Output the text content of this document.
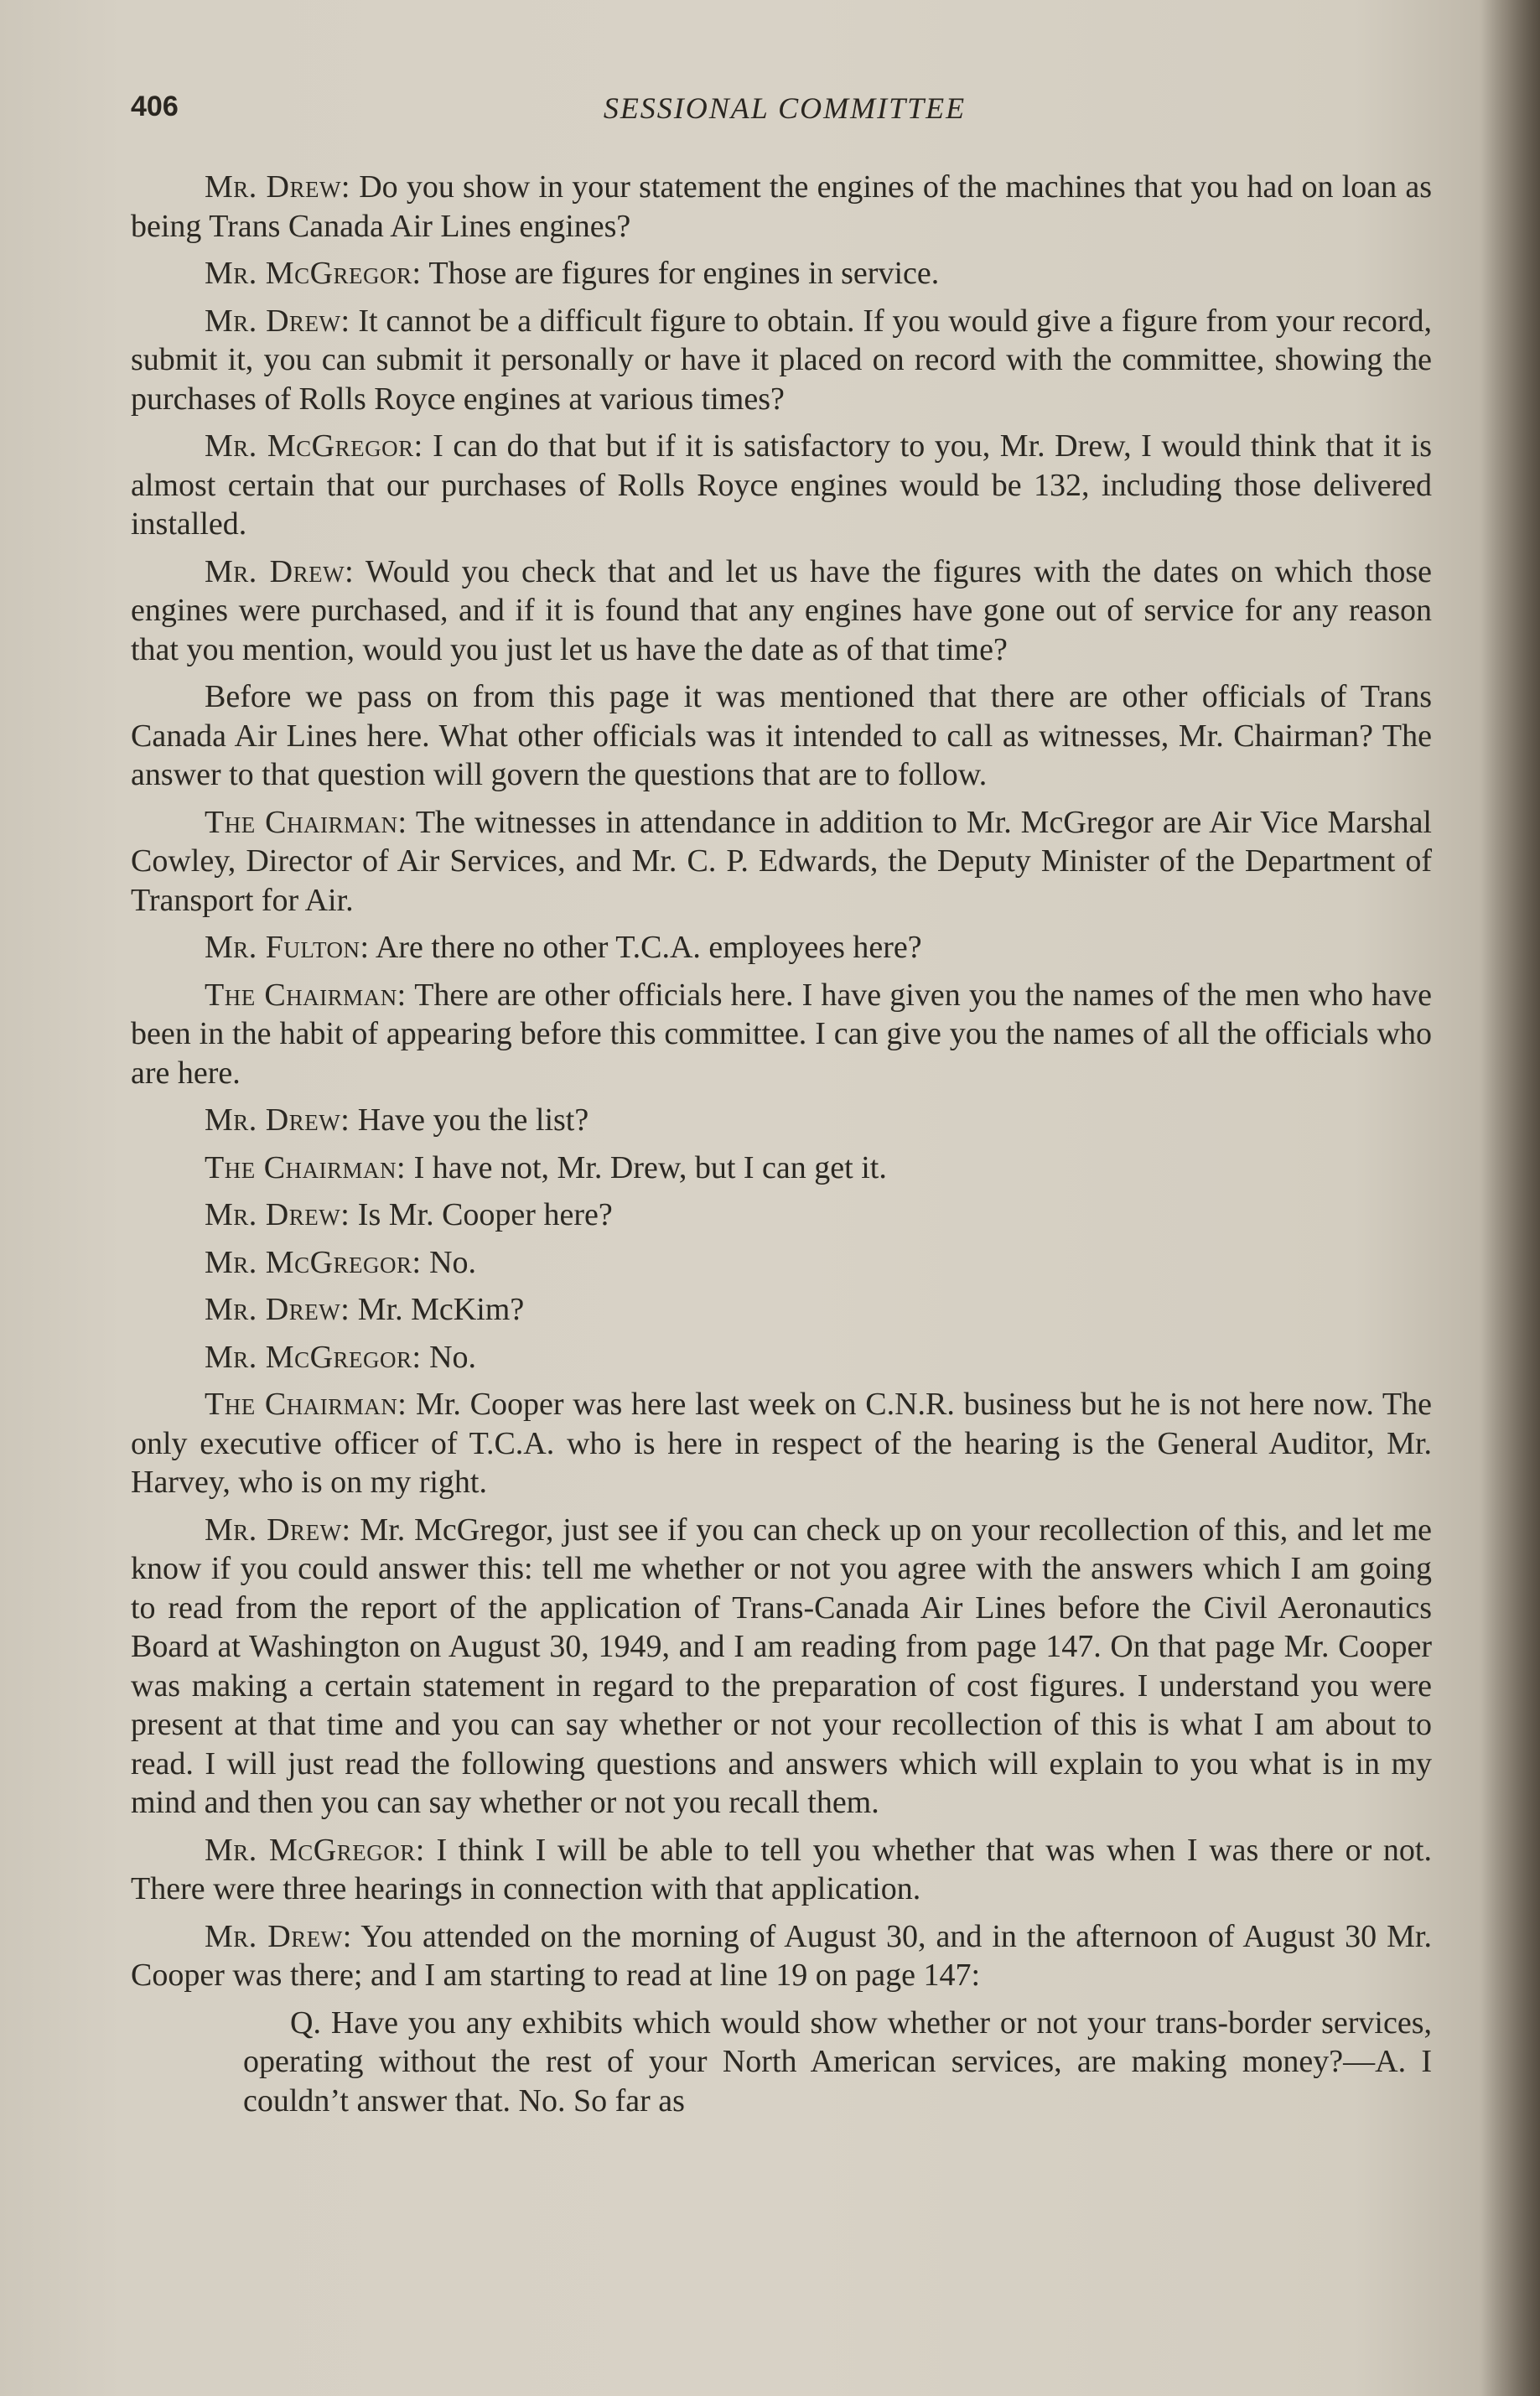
406	SESSIONAL COMMITTEE

Mr. Drew: Do you show in your statement the engines of the machines that you had on loan as being Trans Canada Air Lines engines?

Mr. McGregor: Those are figures for engines in service.

Mr. Drew: It cannot be a difficult figure to obtain. If you would give a figure from your record, submit it, you can submit it personally or have it placed on record with the committee, showing the purchases of Rolls Royce engines at various times?

Mr. McGregor: I can do that but if it is satisfactory to you, Mr. Drew, I would think that it is almost certain that our purchases of Rolls Royce engines would be 132, including those delivered installed.

Mr. Drew: Would you check that and let us have the figures with the dates on which those engines were purchased, and if it is found that any engines have gone out of service for any reason that you mention, would you just let us have the date as of that time?

Before we pass on from this page it was mentioned that there are other officials of Trans Canada Air Lines here. What other officials was it intended to call as witnesses, Mr. Chairman? The answer to that question will govern the questions that are to follow.

The Chairman: The witnesses in attendance in addition to Mr. McGregor are Air Vice Marshal Cowley, Director of Air Services, and Mr. C. P. Edwards, the Deputy Minister of the Department of Transport for Air.

Mr. Fulton: Are there no other T.C.A. employees here?

The Chairman: There are other officials here. I have given you the names of the men who have been in the habit of appearing before this committee. I can give you the names of all the officials who are here.

Mr. Drew: Have you the list?

The Chairman: I have not, Mr. Drew, but I can get it.

Mr. Drew: Is Mr. Cooper here?

Mr. McGregor: No.

Mr. Drew: Mr. McKim?

Mr. McGregor: No.

The Chairman: Mr. Cooper was here last week on C.N.R. business but he is not here now. The only executive officer of T.C.A. who is here in respect of the hearing is the General Auditor, Mr. Harvey, who is on my right.

Mr. Drew: Mr. McGregor, just see if you can check up on your recollection of this, and let me know if you could answer this: tell me whether or not you agree with the answers which I am going to read from the report of the application of Trans-Canada Air Lines before the Civil Aeronautics Board at Washington on August 30, 1949, and I am reading from page 147. On that page Mr. Cooper was making a certain statement in regard to the preparation of cost figures. I understand you were present at that time and you can say whether or not your recollection of this is what I am about to read. I will just read the following questions and answers which will explain to you what is in my mind and then you can say whether or not you recall them.

Mr. McGregor: I think I will be able to tell you whether that was when I was there or not. There were three hearings in connection with that application.

Mr. Drew: You attended on the morning of August 30, and in the afternoon of August 30 Mr. Cooper was there; and I am starting to read at line 19 on page 147:

Q. Have you any exhibits which would show whether or not your trans-border services, operating without the rest of your North American services, are making money?—A. I couldn’t answer that. No. So far as
